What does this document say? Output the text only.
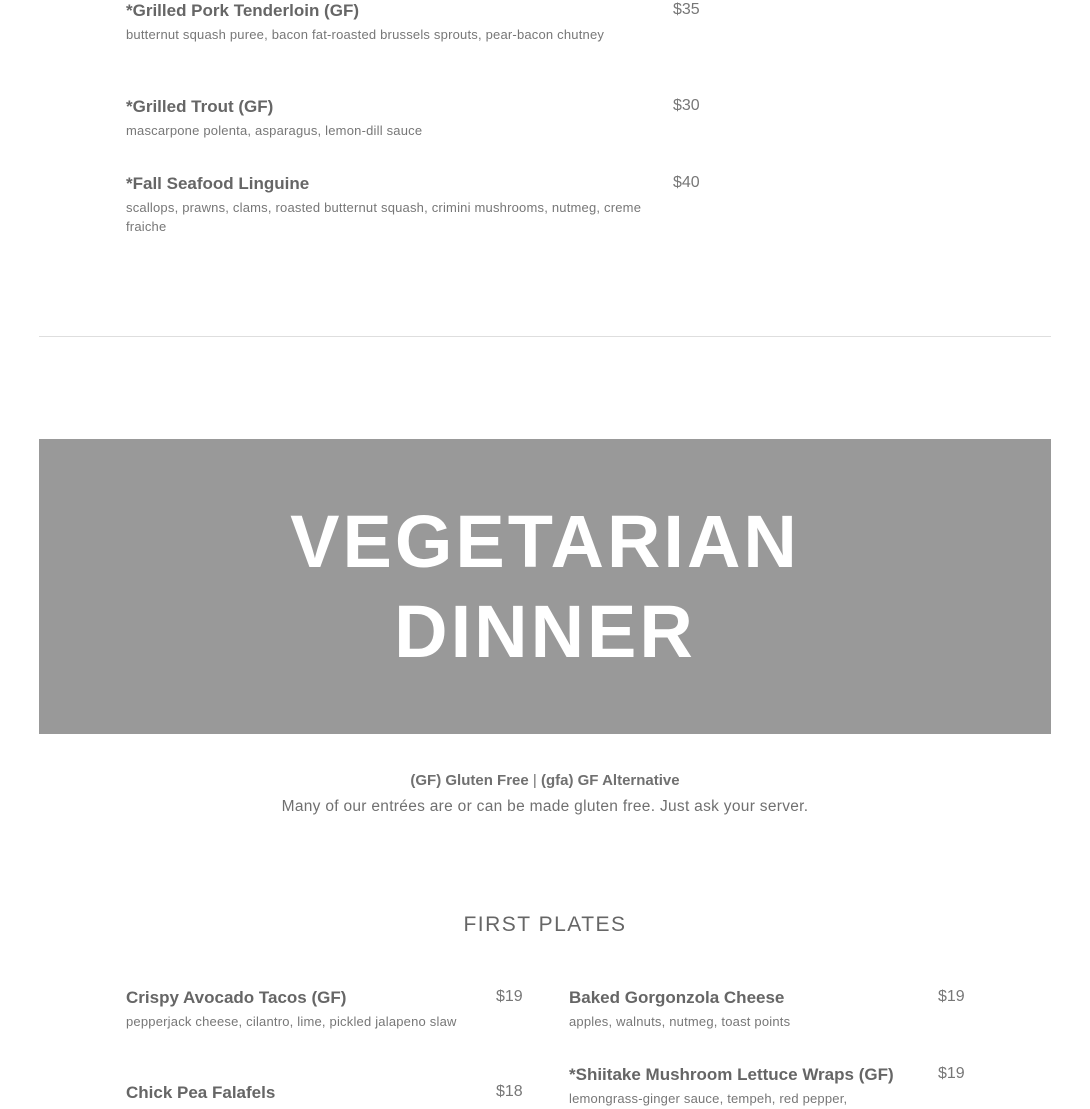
*Grilled Pork Tenderloin (GF)
butternut squash puree, bacon fat-roasted brussels sprouts, pear-bacon chutney
$35
*Grilled Trout (GF)
mascarpone polenta, asparagus, lemon-dill sauce
$30
*Fall Seafood Linguine
scallops, prawns, clams, roasted butternut squash, crimini mushrooms, nutmeg, creme fraiche
$40
VEGETARIAN
DINNER
(GF) Gluten Free | (gfa) GF Alternative
Many of our entrées are or can be made gluten free. Just ask your server.
FIRST PLATES
Crispy Avocado Tacos (GF)
pepperjack cheese, cilantro, lime, pickled jalapeno slaw
$19
Chick Pea Falafels	$18
Baked Gorgonzola Cheese
apples, walnuts, nutmeg, toast points
$19
*Shiitake Mushroom Lettuce Wraps (GF)
lemongrass-ginger sauce, tempeh, red pepper,
$19
